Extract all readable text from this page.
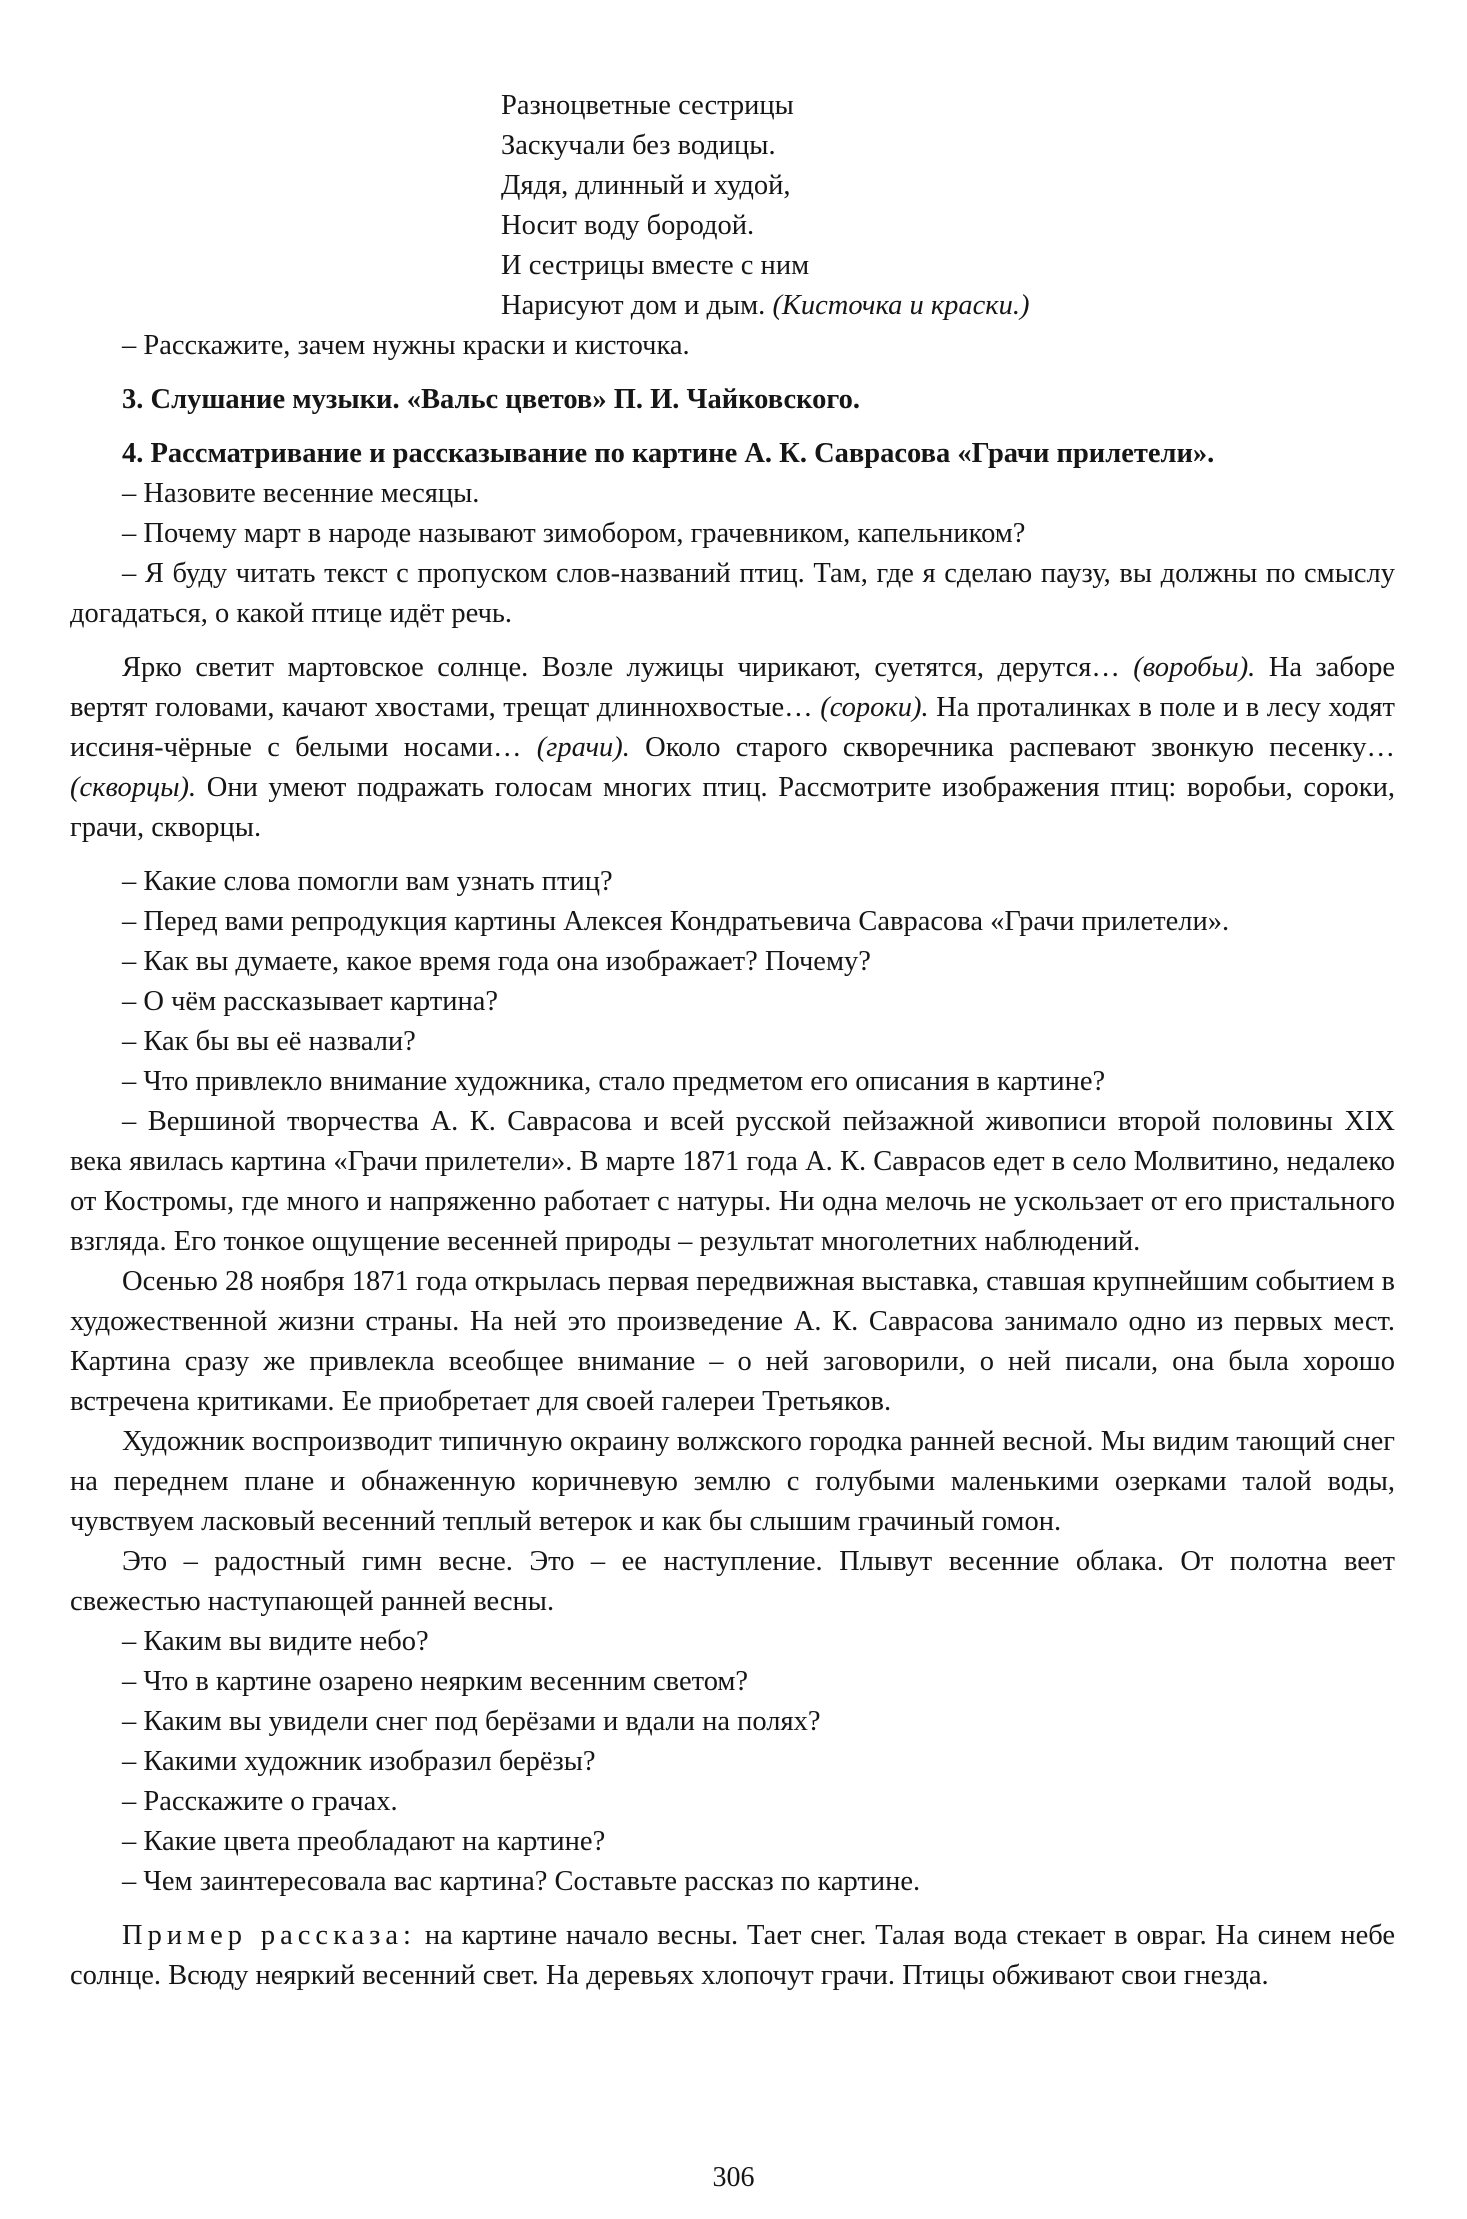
Разноцветные сестрицы
Заскучали без водицы.
Дядя, длинный и худой,
Носит воду бородой.
И сестрицы вместе с ним
Нарисуют дом и дым. (Кисточка и краски.)

– Расскажите, зачем нужны краски и кисточка.

3. Слушание музыки. «Вальс цветов» П. И. Чайковского.

4. Рассматривание и рассказывание по картине А. К. Саврасова «Грачи прилетели».

– Назовите весенние месяцы.

– Почему март в народе называют зимобором, грачевником, капельником?

– Я буду читать текст с пропуском слов-названий птиц. Там, где я сделаю паузу, вы должны по смыслу догадаться, о какой птице идёт речь.

Ярко светит мартовское солнце. Возле лужицы чирикают, суетятся, дерутся… (воробьи). На заборе вертят головами, качают хвостами, трещат длиннохвостые… (сороки). На проталинках в поле и в лесу ходят иссиня-чёрные с белыми носами… (грачи). Около старого скворечника распевают звонкую песенку… (скворцы). Они умеют подражать голосам многих птиц. Рассмотрите изображения птиц: воробьи, сороки, грачи, скворцы.

– Какие слова помогли вам узнать птиц?

– Перед вами репродукция картины Алексея Кондратьевича Саврасова «Грачи прилетели».

– Как вы думаете, какое время года она изображает? Почему?

– О чём рассказывает картина?

– Как бы вы её назвали?

– Что привлекло внимание художника, стало предметом его описания в картине?

– Вершиной творчества А. К. Саврасова и всей русской пейзажной живописи второй половины XIX века явилась картина «Грачи прилетели». В марте 1871 года А. К. Саврасов едет в село Молвитино, недалеко от Костромы, где много и напряженно работает с натуры. Ни одна мелочь не ускользает от его пристального взгляда. Его тонкое ощущение весенней природы – результат многолетних наблюдений.

Осенью 28 ноября 1871 года открылась первая передвижная выставка, ставшая крупнейшим событием в художественной жизни страны. На ней это произведение А. К. Саврасова занимало одно из первых мест. Картина сразу же привлекла всеобщее внимание – о ней заговорили, о ней писали, она была хорошо встречена критиками. Ее приобретает для своей галереи Третьяков.

Художник воспроизводит типичную окраину волжского городка ранней весной. Мы видим тающий снег на переднем плане и обнаженную коричневую землю с голубыми маленькими озерками талой воды, чувствуем ласковый весенний теплый ветерок и как бы слышим грачиный гомон.

Это – радостный гимн весне. Это – ее наступление. Плывут весенние облака. От полотна веет свежестью наступающей ранней весны.

– Каким вы видите небо?

– Что в картине озарено неярким весенним светом?

– Каким вы увидели снег под берёзами и вдали на полях?

– Какими художник изобразил берёзы?

– Расскажите о грачах.

– Какие цвета преобладают на картине?

– Чем заинтересовала вас картина? Составьте рассказ по картине.

Пример рассказа: на картине начало весны. Тает снег. Талая вода стекает в овраг. На синем небе солнце. Всюду неяркий весенний свет. На деревьях хлопочут грачи. Птицы обживают свои гнезда.

306
